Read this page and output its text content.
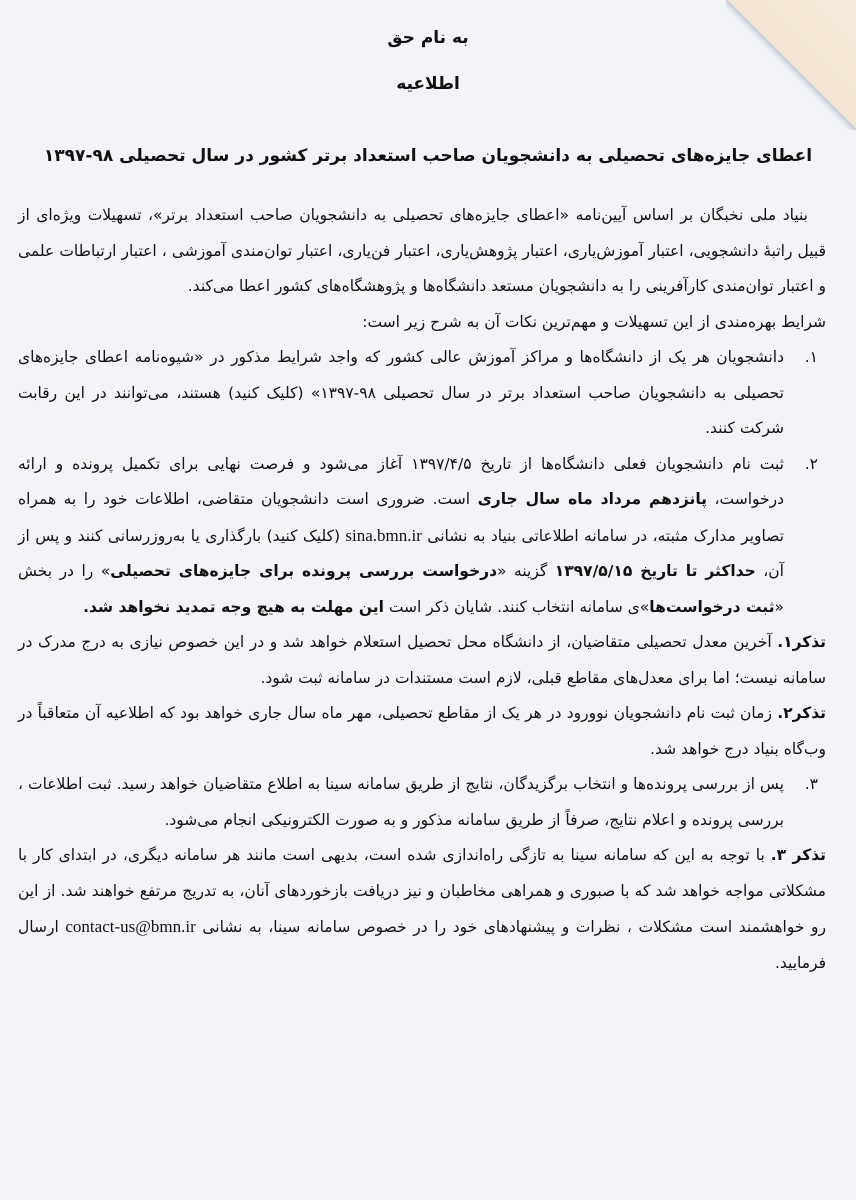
به نام حق
اطلاعیه
اعطای جایزه‌های تحصیلی به دانشجویان صاحب استعداد برتر کشور در سال تحصیلی ۹۸-۱۳۹۷

بنیاد ملی نخبگان بر اساس آیین‌نامه «اعطای جایزه‌های تحصیلی به دانشجویان صاحب استعداد برتر»، تسهیلات ویژه‌ای از قبیل راتبهٔ دانشجویی، اعتبار آموزش‌یاری، اعتبار پژوهش‌یاری، اعتبار فن‌یاری، اعتبار توان‌مندی آموزشی ، اعتبار ارتباطات علمی و اعتبار توان‌مندی کارآفرینی را به دانشجویان مستعد دانشگاه‌ها و پژوهشگاه‌های کشور اعطا می‌کند.

شرایط بهره‌مندی از این تسهیلات و مهم‌ترین نکات آن به شرح زیر است:

۱.
دانشجویان هر یک از دانشگاه‌ها و مراکز آموزش عالی کشور که واجد شرایط مذکور در «شیوه‌نامه اعطای جایزه‌های تحصیلی به دانشجویان صاحب استعداد برتر در سال تحصیلی ۹۸-۱۳۹۷» (کلیک کنید) هستند، می‌توانند در این رقابت شرکت کنند.
۲.
ثبت نام دانشجویان فعلی دانشگاه‌ها از تاریخ ۱۳۹۷/۴/۵ آغاز می‌شود و فرصت نهایی برای تکمیل پرونده و ارائه درخواست، پانزدهم مرداد ماه سال جاری است. ضروری است دانشجویان متقاضی، اطلاعات خود را به همراه تصاویر مدارک مثبته، در سامانه اطلاعاتی بنیاد به نشانی sina.bmn.ir (کلیک کنید) بارگذاری یا به‌روزرسانی کنند و پس از آن، حداکثر تا تاریخ ۱۳۹۷/۵/۱۵ گزینه «درخواست بررسی پرونده برای جایزه‌های تحصیلی» را در بخش «ثبت درخواست‌ها»ی سامانه انتخاب کنند. شایان ذکر است این مهلت به هیچ وجه تمدید نخواهد شد.

تذکر۱. آخرین معدل تحصیلی متقاضیان، از دانشگاه محل تحصیل استعلام خواهد شد و در این خصوص نیازی به درج مدرک در سامانه نیست؛ اما برای معدل‌های مقاطع قبلی، لازم است مستندات در سامانه ثبت شود.

تذکر۲. زمان ثبت نام دانشجویان نوورود در هر یک از مقاطع تحصیلی، مهر ماه سال جاری خواهد بود که اطلاعیه آن متعاقباً در وب‌گاه بنیاد درج خواهد شد.

۳.
پس از بررسی پرونده‌ها و انتخاب برگزیدگان، نتایج از طریق سامانه سینا به اطلاع متقاضیان خواهد رسید. ثبت اطلاعات ، بررسی پرونده و اعلام نتایج، صرفاً از طریق سامانه مذکور و به صورت الکترونیکی انجام می‌شود.

تذکر ۳. با توجه به این که سامانه سینا به تازگی راه‌اندازی شده است، بدیهی است مانند هر سامانه دیگری، در ابتدای کار با مشکلاتی مواجه خواهد شد که با صبوری و همراهی مخاطبان و نیز دریافت بازخوردهای آنان، به تدریج مرتفع خواهند شد. از این رو خواهشمند است مشکلات ، نظرات و پیشنهادهای خود را در خصوص سامانه سینا، به نشانی contact-us@bmn.ir ارسال فرمایید.
